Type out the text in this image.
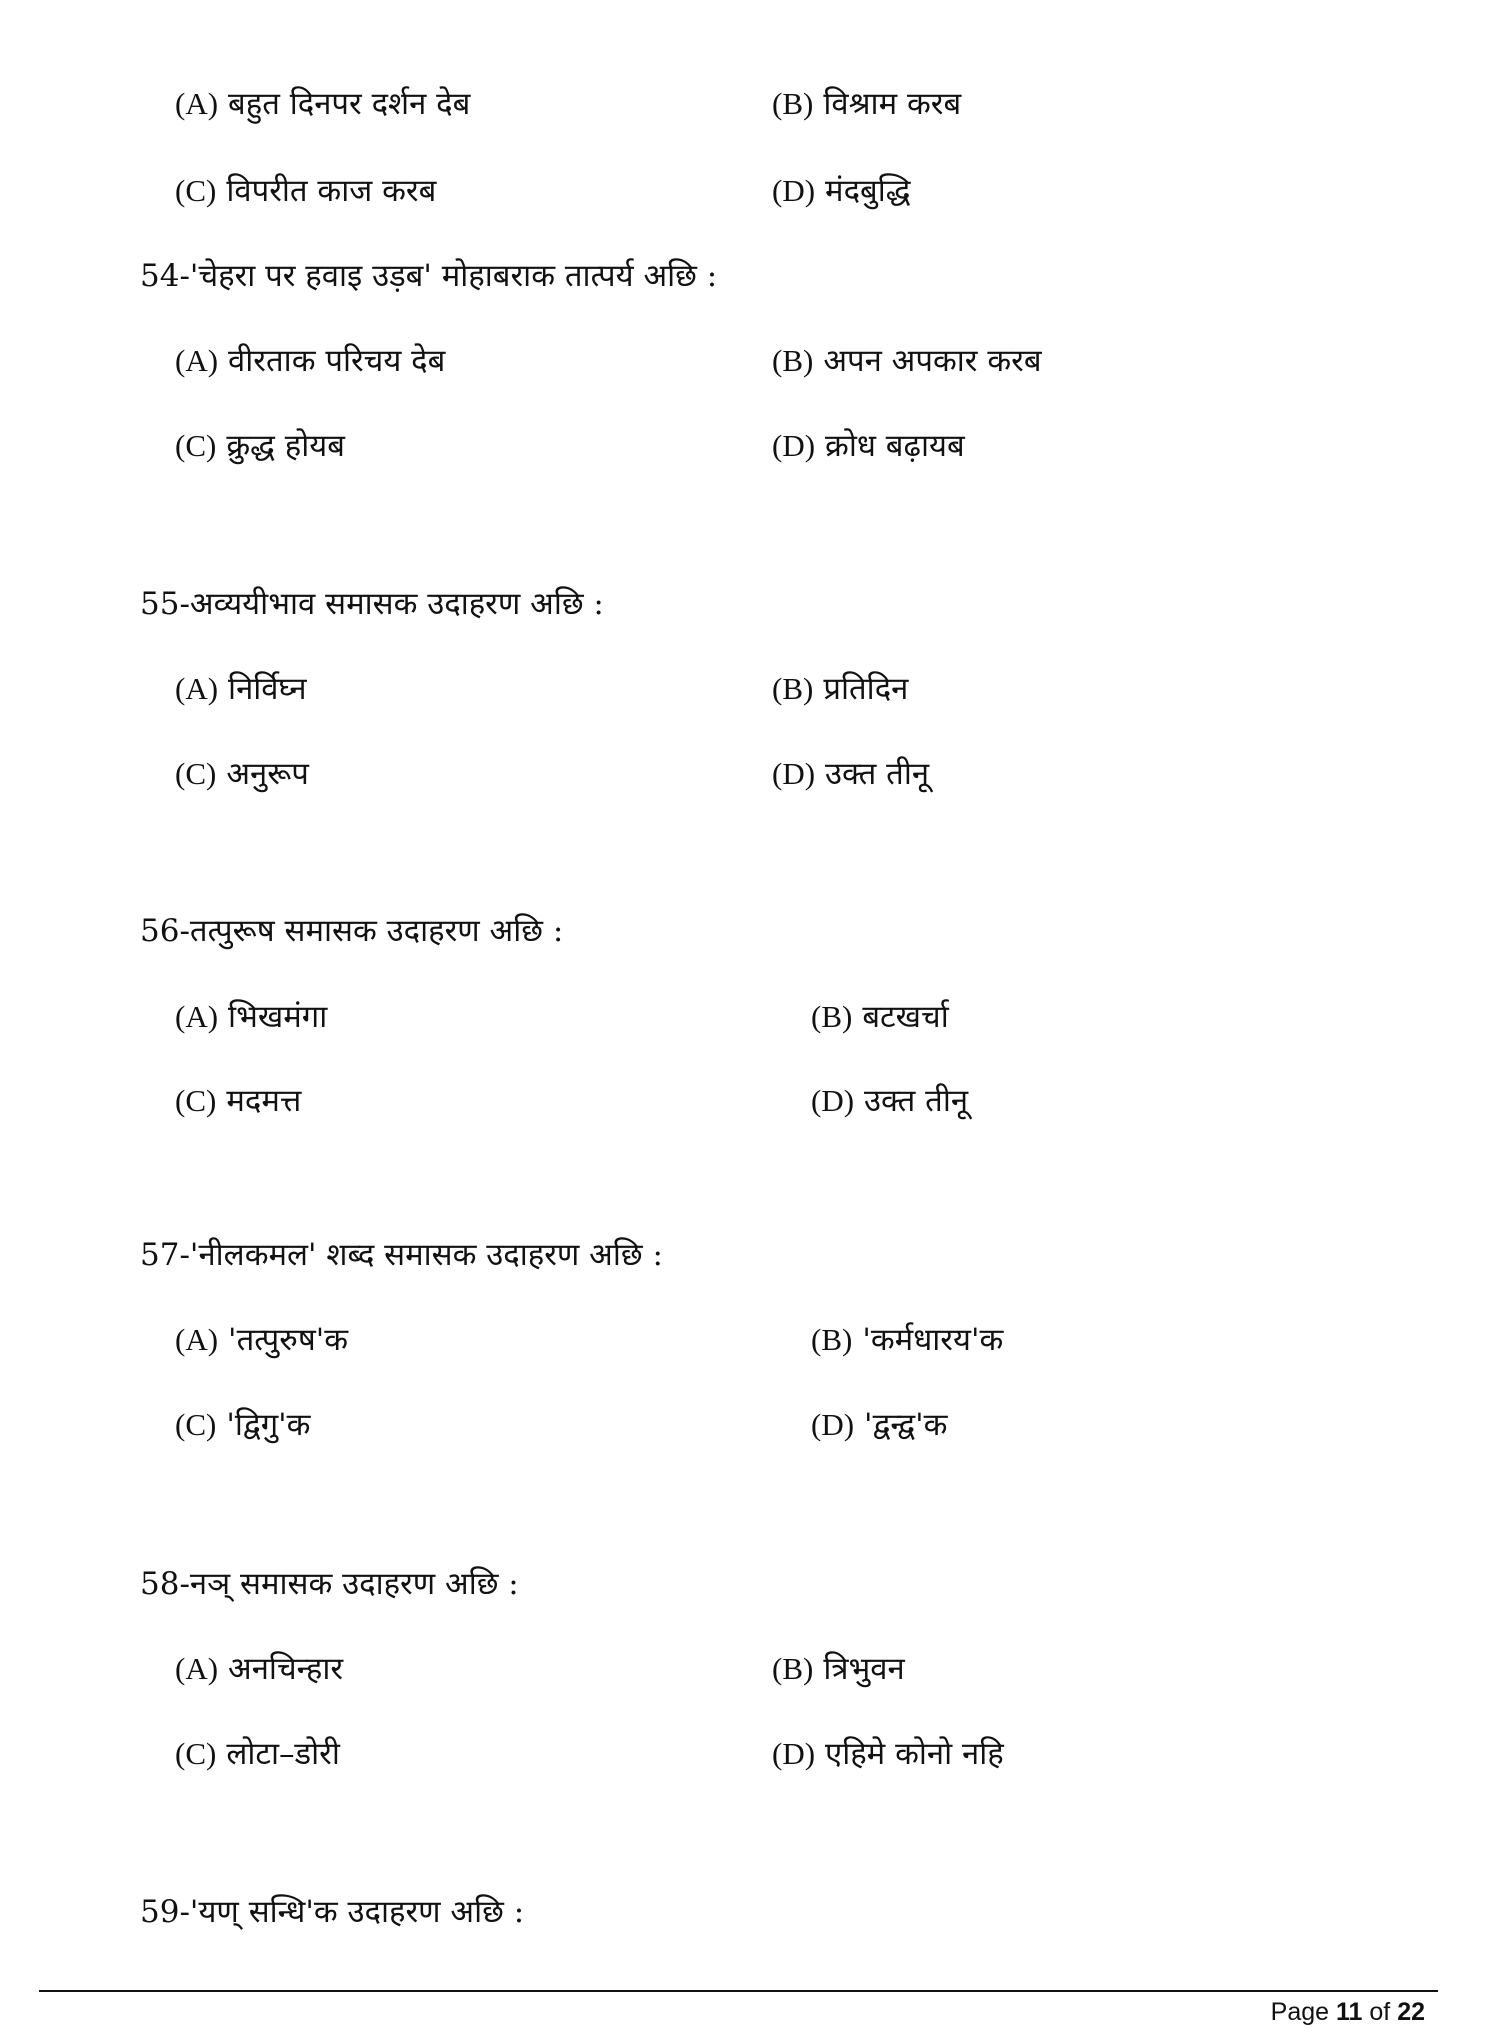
(A) बहुत दिनपर दर्शन देब	(B) विश्राम करब
(C) विपरीत काज करब	(D) मंदबुद्धि
54-'चेहरा पर हवाइ उड़ब' मोहाबराक तात्पर्य अछि :
(A) वीरताक परिचय देब	(B) अपन अपकार करब
(C) क्रुद्ध होयब	(D) क्रोध बढ़ायब
55-अव्ययीभाव समासक उदाहरण अछि :
(A) निर्विघ्न	(B) प्रतिदिन
(C) अनुरूप	(D) उक्त तीनू
56-तत्पुरूष समासक उदाहरण अछि :
(A) भिखमंगा	(B) बटखर्चा
(C) मदमत्त	(D) उक्त तीनू
57-'नीलकमल' शब्द समासक उदाहरण अछि :
(A) 'तत्पुरुष'क	(B) 'कर्मधारय'क
(C) 'द्विगु'क	(D) 'द्वन्द्व'क
58-नञ् समासक उदाहरण अछि :
(A) अनचिन्हार	(B) त्रिभुवन
(C) लोटा–डोरी	(D) एहिमे कोनो नहि
59-'यण् सन्धि'क उदाहरण अछि :
Page 11 of 22
